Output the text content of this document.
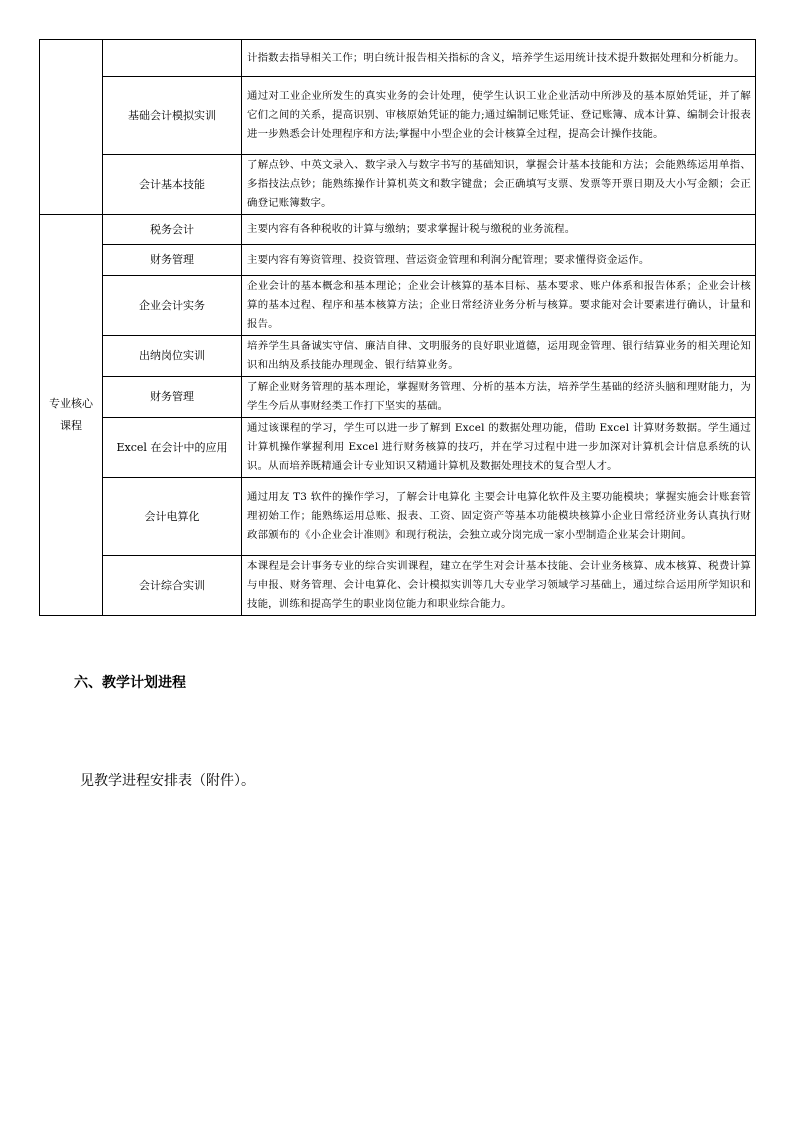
		计指数去指导相关工作；明白统计报告相关指标的含义，培养学生运用统计技术提升数据处理和分析能力。
	基础会计模拟实训	通过对工业企业所发生的真实业务的会计处理，使学生认识工业企业活动中所涉及的基本原始凭证，并了解它们之间的关系，提高识别、审核原始凭证的能力;通过编制记账凭证、登记账簿、成本计算、编制会计报表进一步熟悉会计处理程序和方法;掌握中小型企业的会计核算全过程，提高会计操作技能。
	会计基本技能	了解点钞、中英文录入、数字录入与数字书写的基础知识，掌握会计基本技能和方法；会能熟练运用单指、多指技法点钞；能熟练操作计算机英文和数字键盘；会正确填写支票、发票等开票日期及大小写金额；会正确登记账簿数字。

专业核心
课程	税务会计	主要内容有各种税收的计算与缴纳；要求掌握计税与缴税的业务流程。
	财务管理	主要内容有筹资管理、投资管理、营运资金管理和利润分配管理；要求懂得资金运作。
	企业会计实务	企业会计的基本概念和基本理论；企业会计核算的基本目标、基本要求、账户体系和报告体系；企业会计核算的基本过程、程序和基本核算方法；企业日常经济业务分析与核算。要求能对会计要素进行确认，计量和报告。
	出纳岗位实训	培养学生具备诚实守信、廉洁自律、文明服务的良好职业道德，运用现金管理、银行结算业务的相关理论知识和出纳及系技能办理现金、银行结算业务。
	财务管理	了解企业财务管理的基本理论，掌握财务管理、分析的基本方法，培养学生基础的经济头脑和理财能力，为学生今后从事财经类工作打下坚实的基础。
	Excel 在会计中的应用	通过该课程的学习，学生可以进一步了解到 Excel 的数据处理功能，借助 Excel 计算财务数据。学生通过计算机操作掌握利用 Excel 进行财务核算的技巧，并在学习过程中进一步加深对计算机会计信息系统的认识。从而培养既精通会计专业知识又精通计算机及数据处理技术的复合型人才。
	会计电算化	通过用友 T3 软件的操作学习，了解会计电算化 主要会计电算化软件及主要功能模块；掌握实施会计账套管理初始工作；能熟练运用总账、报表、工资、固定资产等基本功能模块核算小企业日常经济业务认真执行财政部颁布的《小企业会计准则》和现行税法，会独立或分岗完成一家小型制造企业某会计期间。
	会计综合实训	本课程是会计事务专业的综合实训课程，建立在学生对会计基本技能、会计业务核算、成本核算、税费计算与申报、财务管理、会计电算化、会计模拟实训等几大专业学习领域学习基础上，通过综合运用所学知识和技能，训练和提高学生的职业岗位能力和职业综合能力。
六、教学计划进程
见教学进程安排表（附件）。
